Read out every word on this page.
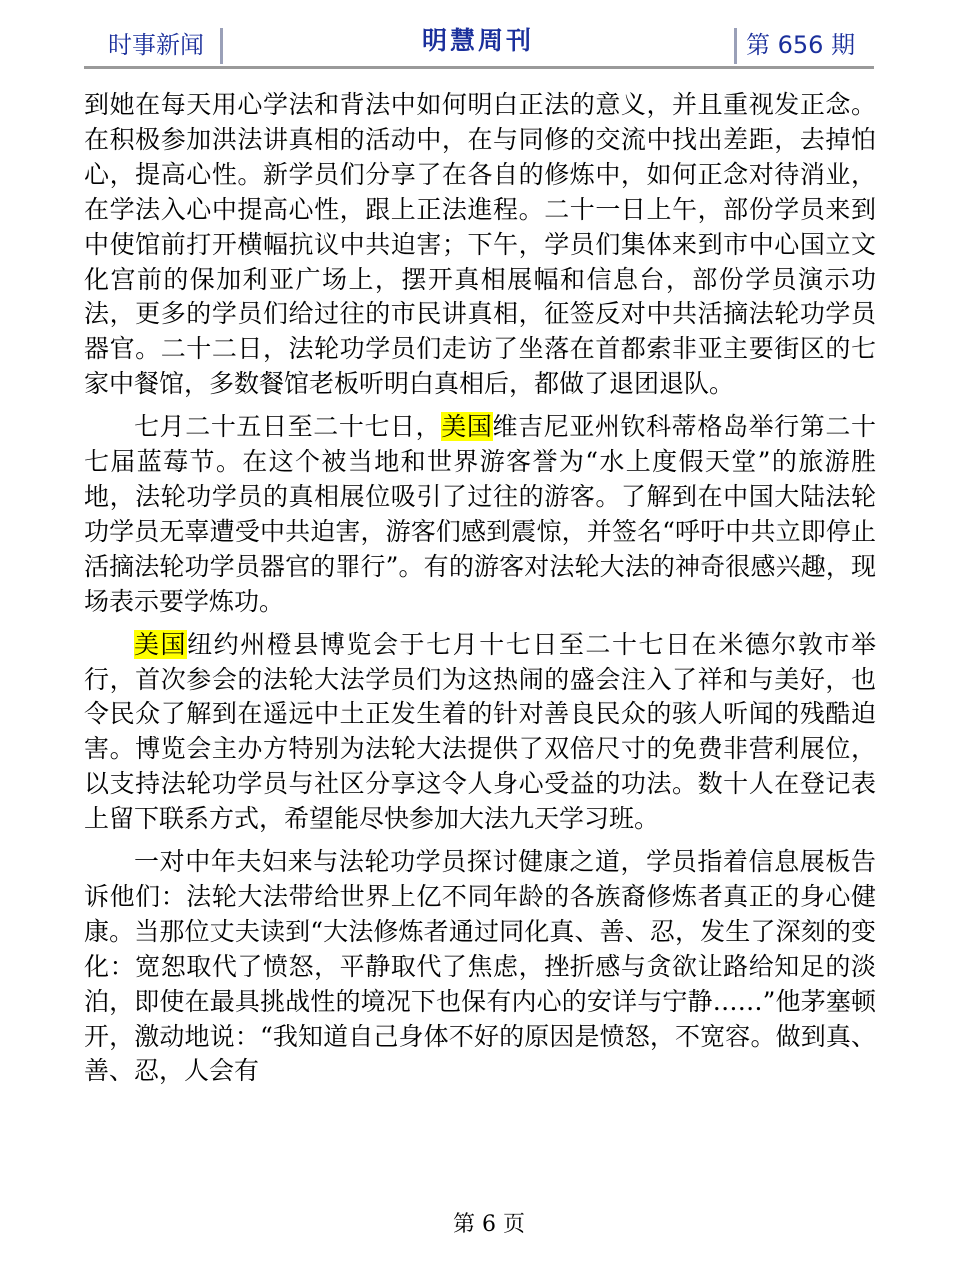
时事新闻	明慧周刊	第 656 期

到她在每天用心学法和背法中如何明白正法的意义，并且重视发正念。在积极参加洪法讲真相的活动中，在与同修的交流中找出差距，去掉怕心，提高心性。新学员们分享了在各自的修炼中，如何正念对待消业，在学法入心中提高心性，跟上正法進程。二十一日上午，部份学员来到中使馆前打开横幅抗议中共迫害；下午，学员们集体来到市中心国立文化宫前的保加利亚广场上，摆开真相展幅和信息台，部份学员演示功法，更多的学员们给过往的市民讲真相，征签反对中共活摘法轮功学员器官。二十二日，法轮功学员们走访了坐落在首都索非亚主要街区的七家中餐馆，多数餐馆老板听明白真相后，都做了退团退队。

七月二十五日至二十七日，美国维吉尼亚州钦科蒂格岛举行第二十七届蓝莓节。在这个被当地和世界游客誉为“水上度假天堂”的旅游胜地，法轮功学员的真相展位吸引了过往的游客。了解到在中国大陆法轮功学员无辜遭受中共迫害，游客们感到震惊，并签名“呼吁中共立即停止活摘法轮功学员器官的罪行”。有的游客对法轮大法的神奇很感兴趣，现场表示要学炼功。

美国纽约州橙县博览会于七月十七日至二十七日在米德尔敦市举行，首次参会的法轮大法学员们为这热闹的盛会注入了祥和与美好，也令民众了解到在遥远中土正发生着的针对善良民众的骇人听闻的残酷迫害。博览会主办方特别为法轮大法提供了双倍尺寸的免费非营利展位，以支持法轮功学员与社区分享这令人身心受益的功法。数十人在登记表上留下联系方式，希望能尽快参加大法九天学习班。

一对中年夫妇来与法轮功学员探讨健康之道，学员指着信息展板告诉他们：法轮大法带给世界上亿不同年龄的各族裔修炼者真正的身心健康。当那位丈夫读到“大法修炼者通过同化真、善、忍，发生了深刻的变化：宽恕取代了愤怒，平静取代了焦虑，挫折感与贪欲让路给知足的淡泊，即使在最具挑战性的境况下也保有内心的安详与宁静……”他茅塞顿开，激动地说：“我知道自己身体不好的原因是愤怒，不宽容。做到真、善、忍，人会有

第 6 页
